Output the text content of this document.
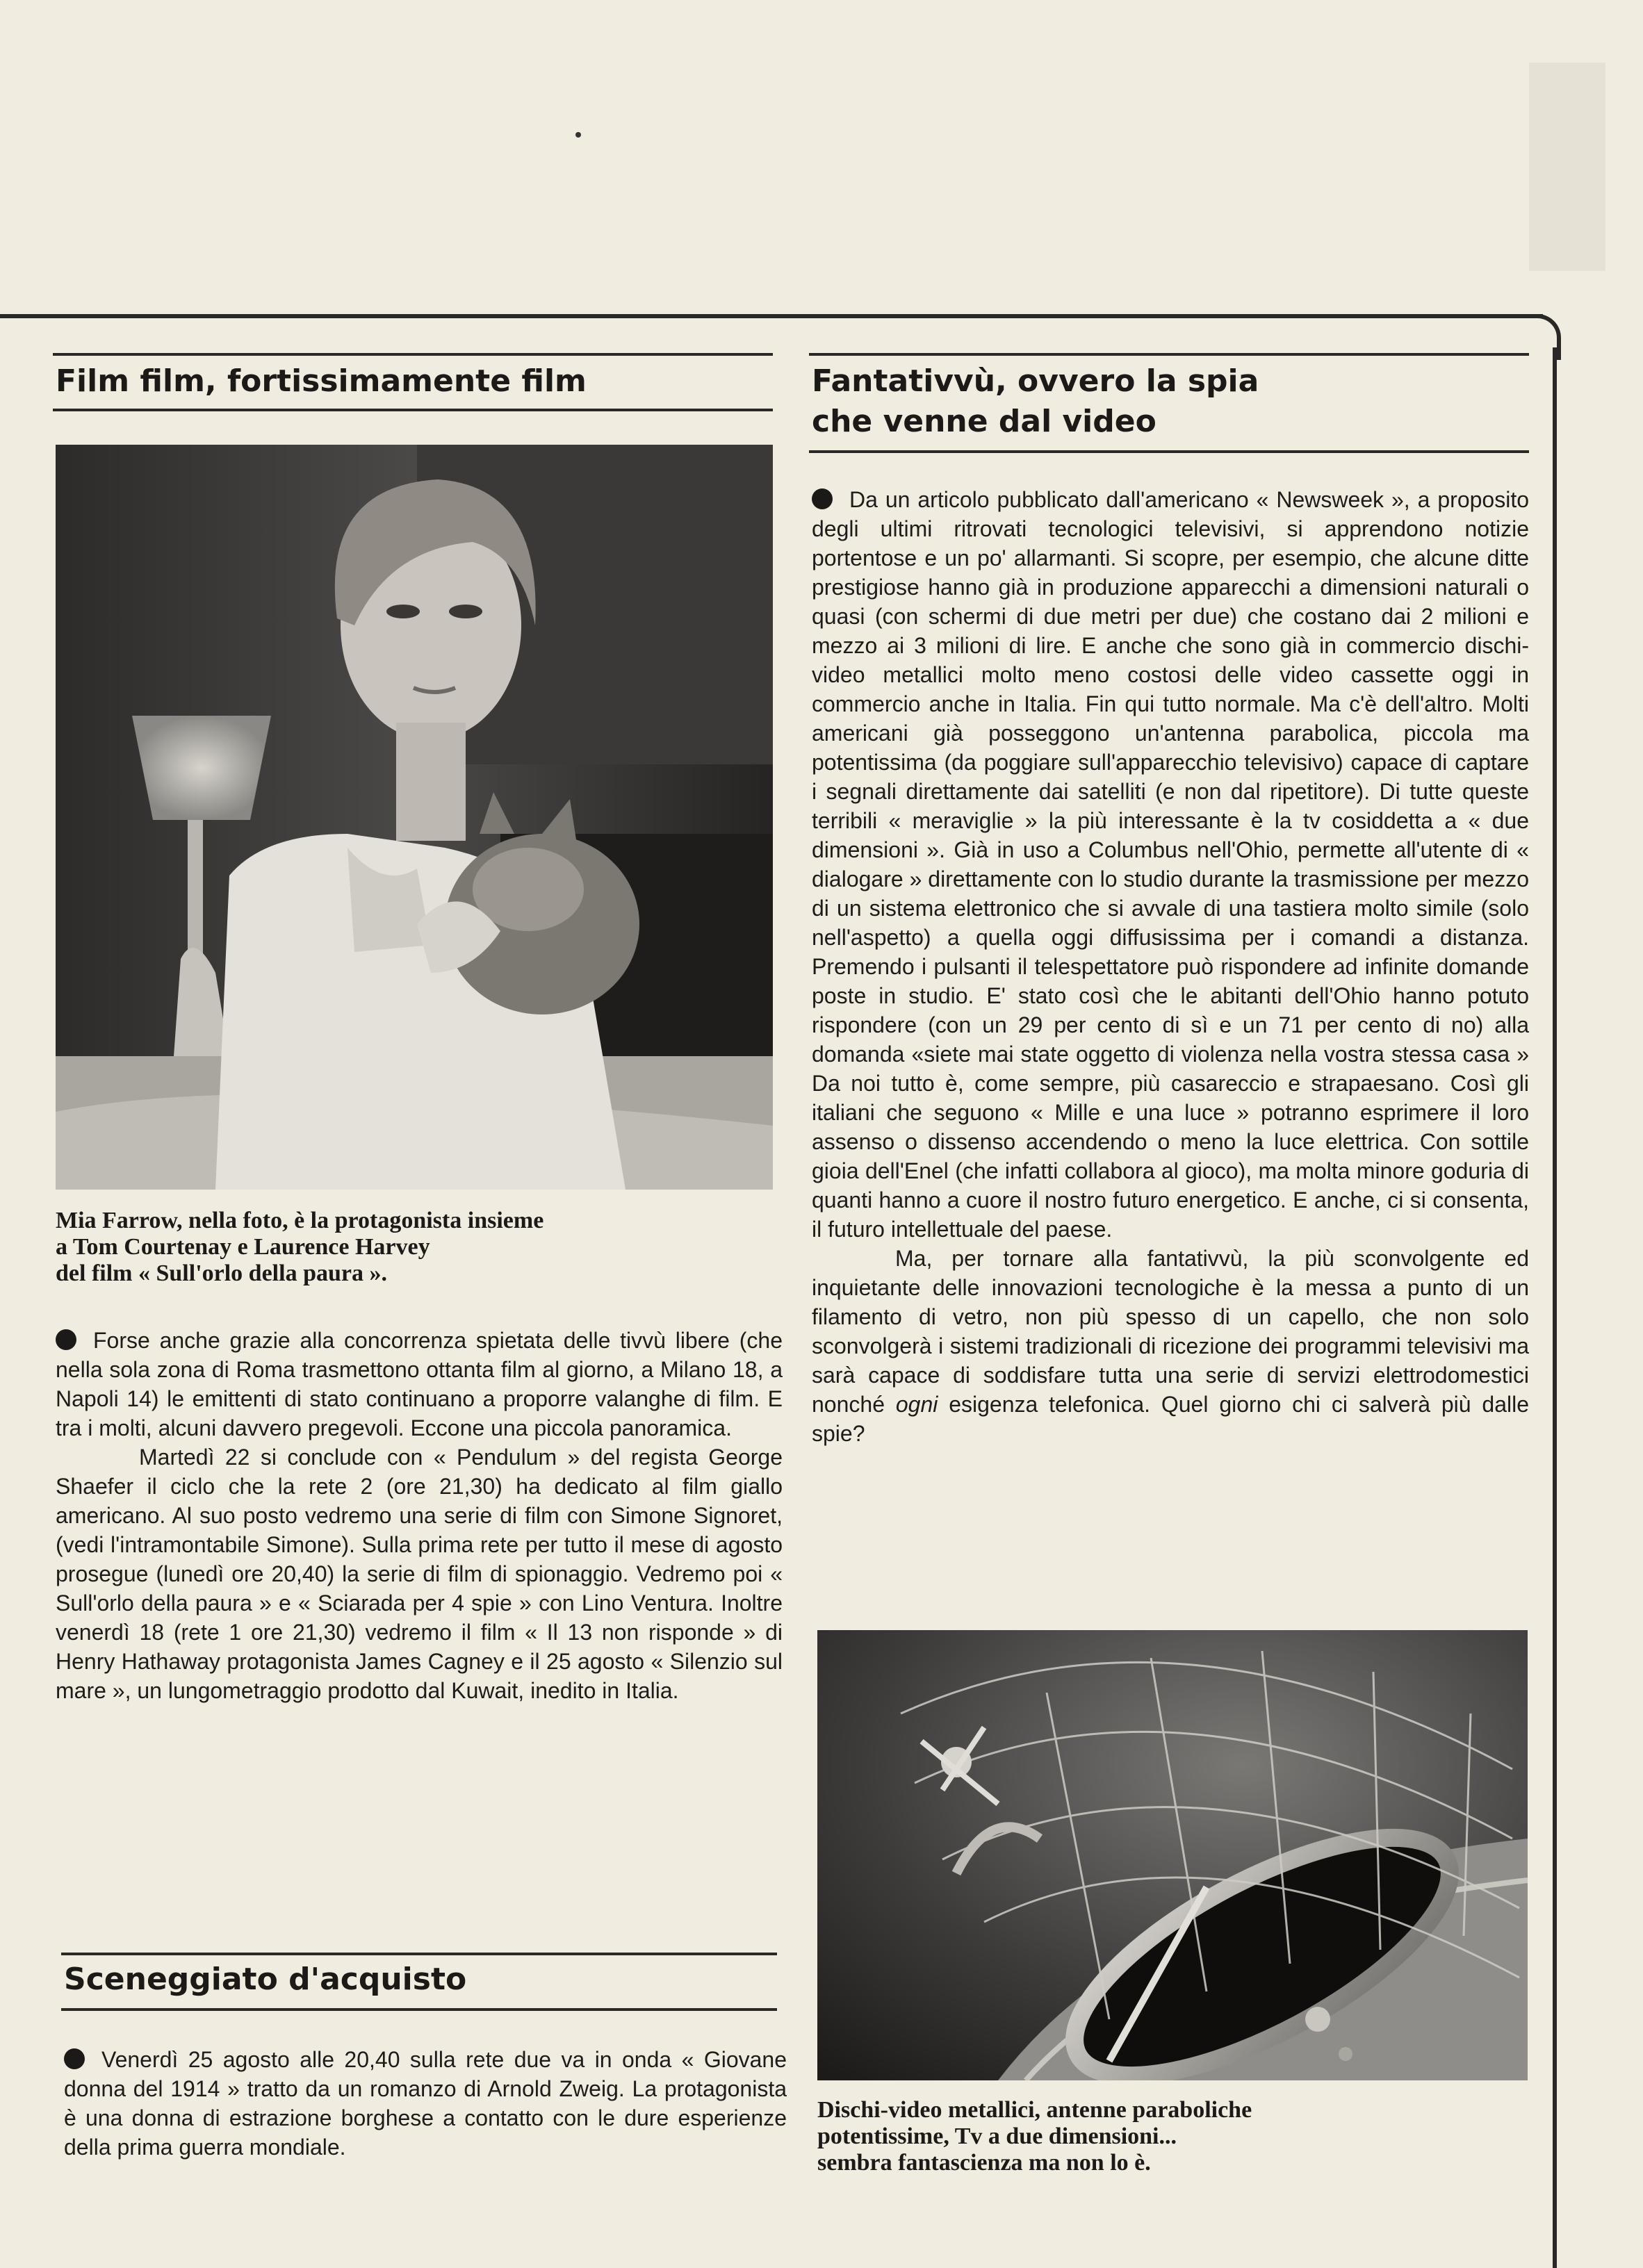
Film film, fortissimamente film

Mia Farrow, nella foto, è la protagonista insieme
a Tom Courtenay e Laurence Harvey
del film « Sull'orlo della paura ».

Forse anche grazie alla concorrenza spietata delle tivvù libere (che nella sola zona di Roma trasmettono ottanta film al giorno, a Milano 18, a Napoli 14) le emittenti di stato continuano a proporre valanghe di film. E tra i molti, alcuni davvero pregevoli. Eccone una piccola panoramica.

Martedì 22 si conclude con « Pendulum » del regista George Shaefer il ciclo che la rete 2 (ore 21,30) ha dedicato al film giallo americano. Al suo posto vedremo una serie di film con Simone Signoret, (vedi l'intramontabile Simone). Sulla prima rete per tutto il mese di agosto prosegue (lunedì ore 20,40) la serie di film di spionaggio. Vedremo poi « Sull'orlo della paura » e « Sciarada per 4 spie » con Lino Ventura. Inoltre venerdì 18 (rete 1 ore 21,30) vedremo il film « Il 13 non risponde » di Henry Hathaway protagonista James Cagney e il 25 agosto « Silenzio sul mare », un lungometraggio prodotto dal Kuwait, inedito in Italia.

Sceneggiato d'acquisto

Venerdì 25 agosto alle 20,40 sulla rete due va in onda « Giovane donna del 1914 » tratto da un romanzo di Arnold Zweig. La protagonista è una donna di estrazione borghese a contatto con le dure esperienze della prima guerra mondiale.

Fantativvù, ovvero la spia
che venne dal video

Da un articolo pubblicato dall'americano « Newsweek », a proposito degli ultimi ritrovati tecnologici televisivi, si apprendono notizie portentose e un po' allarmanti. Si scopre, per esempio, che alcune ditte prestigiose hanno già in produzione apparecchi a dimensioni naturali o quasi (con schermi di due metri per due) che costano dai 2 milioni e mezzo ai 3 milioni di lire. E anche che sono già in commercio dischi-video metallici molto meno costosi delle video cassette oggi in commercio anche in Italia. Fin qui tutto normale. Ma c'è dell'altro. Molti americani già posseggono un'antenna parabolica, piccola ma potentissima (da poggiare sull'apparecchio televisivo) capace di captare i segnali direttamente dai satelliti (e non dal ripetitore). Di tutte queste terribili « meraviglie » la più interessante è la tv cosiddetta a « due dimensioni ». Già in uso a Columbus nell'Ohio, permette all'utente di « dialogare » direttamente con lo studio durante la trasmissione per mezzo di un sistema elettronico che si avvale di una tastiera molto simile (solo nell'aspetto) a quella oggi diffusissima per i comandi a distanza. Premendo i pulsanti il telespettatore può rispondere ad infinite domande poste in studio. E' stato così che le abitanti dell'Ohio hanno potuto rispondere (con un 29 per cento di sì e un 71 per cento di no) alla domanda «siete mai state oggetto di violenza nella vostra stessa casa » Da noi tutto è, come sempre, più casareccio e strapaesano. Così gli italiani che seguono « Mille e una luce » potranno esprimere il loro assenso o dissenso accendendo o meno la luce elettrica. Con sottile gioia dell'Enel (che infatti collabora al gioco), ma molta minore goduria di quanti hanno a cuore il nostro futuro energetico. E anche, ci si consenta, il futuro intellettuale del paese.

Ma, per tornare alla fantativvù, la più sconvolgente ed inquietante delle innovazioni tecnologiche è la messa a punto di un filamento di vetro, non più spesso di un capello, che non solo sconvolgerà i sistemi tradizionali di ricezione dei programmi televisivi ma sarà capace di soddisfare tutta una serie di servizi elettrodomestici nonché ogni esigenza telefonica. Quel giorno chi ci salverà più dalle spie?

Dischi-video metallici, antenne paraboliche
potentissime, Tv a due dimensioni...
sembra fantascienza ma non lo è.
